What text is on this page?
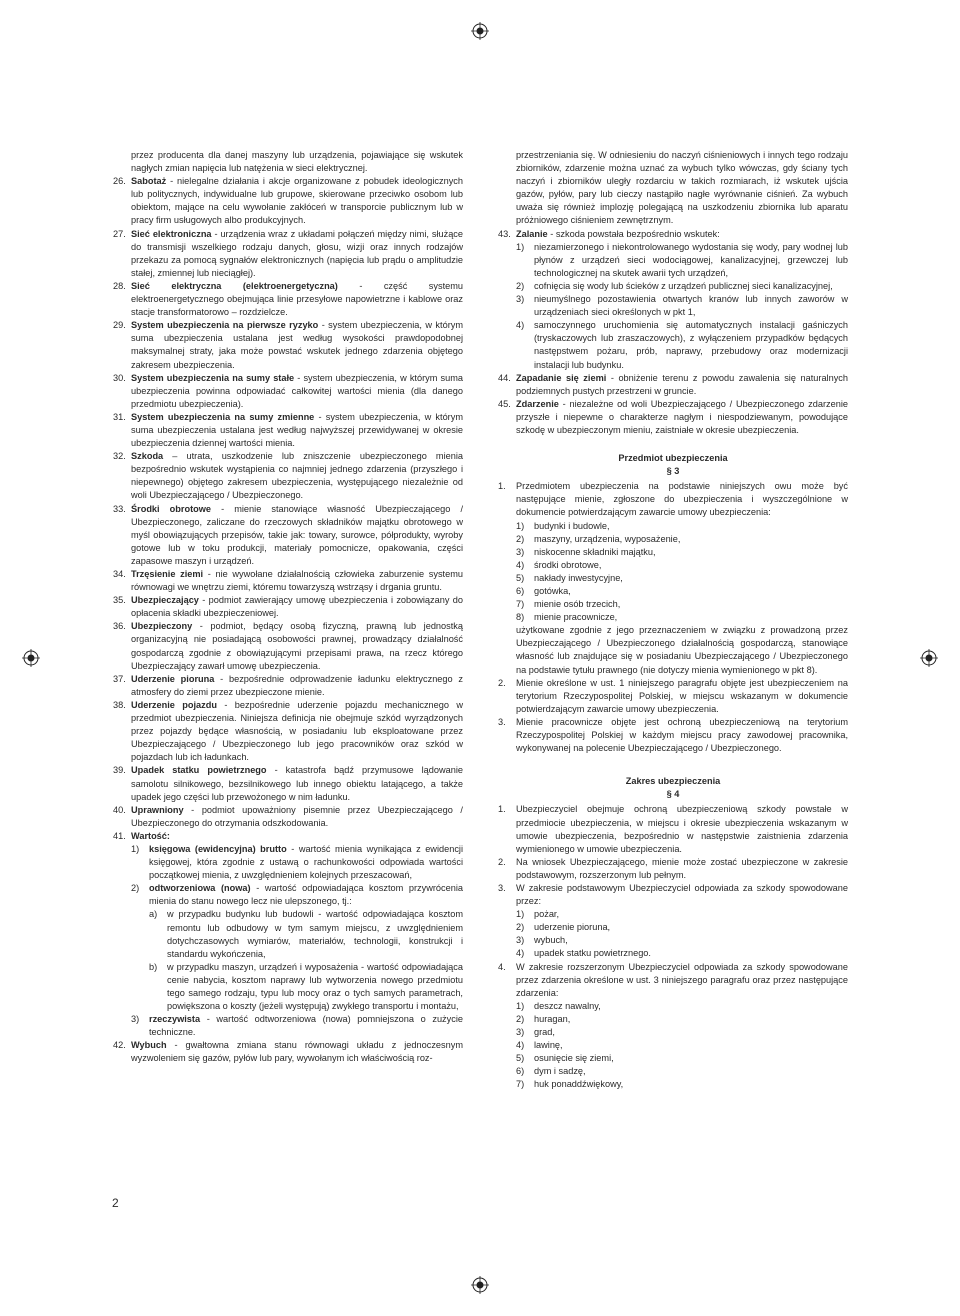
przez producenta dla danej maszyny lub urządzenia, pojawiające się wskutek nagłych zmian napięcia lub natężenia w sieci elektrycznej.
26. Sabotaż - nielegalne działania i akcje organizowane z pobudek ideologicznych lub politycznych, indywidualne lub grupowe, skierowane przeciwko osobom lub obiektom, mające na celu wywołanie zakłóceń w transporcie publicznym lub w pracy firm usługowych albo produkcyjnych.
27. Sieć elektroniczna - urządzenia wraz z układami połączeń między nimi, służące do transmisji wszelkiego rodzaju danych, głosu, wizji oraz innych rodzajów przekazu za pomocą sygnałów elektronicznych (napięcia lub prądu o amplitudzie stałej, zmiennej lub nieciągłej).
28. Sieć elektryczna (elektroenergetyczna) - część systemu elektroenergetycznego obejmująca linie przesyłowe napowietrzne i kablowe oraz stacje transformatorowo – rozdzielcze.
29. System ubezpieczenia na pierwsze ryzyko - system ubezpieczenia, w którym suma ubezpieczenia ustalana jest według wysokości prawdopodobnej maksymalnej straty, jaka może powstać wskutek jednego zdarzenia objętego zakresem ubezpieczenia.
30. System ubezpieczenia na sumy stałe - system ubezpieczenia, w którym suma ubezpieczenia powinna odpowiadać całkowitej wartości mienia (dla danego przedmiotu ubezpieczenia).
31. System ubezpieczenia na sumy zmienne - system ubezpieczenia, w którym suma ubezpieczenia ustalana jest według najwyższej przewidywanej w okresie ubezpieczenia dziennej wartości mienia.
32. Szkoda – utrata, uszkodzenie lub zniszczenie ubezpieczonego mienia bezpośrednio wskutek wystąpienia co najmniej jednego zdarzenia (przyszłego i niepewnego) objętego zakresem ubezpieczenia, występującego niezależnie od woli Ubezpieczającego / Ubezpieczonego.
33. Środki obrotowe - mienie stanowiące własność Ubezpieczającego / Ubezpieczonego, zaliczane do rzeczowych składników majątku obrotowego w myśl obowiązujących przepisów, takie jak: towary, surowce, półprodukty, wyroby gotowe lub w toku produkcji, materiały pomocnicze, opakowania, części zapasowe maszyn i urządzeń.
34. Trzęsienie ziemi - nie wywołane działalnością człowieka zaburzenie systemu równowagi we wnętrzu ziemi, któremu towarzyszą wstrząsy i drgania gruntu.
35. Ubezpieczający - podmiot zawierający umowę ubezpieczenia i zobowiązany do opłacenia składki ubezpieczeniowej.
36. Ubezpieczony - podmiot, będący osobą fizyczną, prawną lub jednostką organizacyjną nie posiadającą osobowości prawnej, prowadzący działalność gospodarczą zgodnie z obowiązującymi przepisami prawa, na rzecz którego Ubezpieczający zawarł umowę ubezpieczenia.
37. Uderzenie pioruna - bezpośrednie odprowadzenie ładunku elektrycznego z atmosfery do ziemi przez ubezpieczone mienie.
38. Uderzenie pojazdu - bezpośrednie uderzenie pojazdu mechanicznego w przedmiot ubezpieczenia. Niniejsza definicja nie obejmuje szkód wyrządzonych przez pojazdy będące własnością, w posiadaniu lub eksploatowane przez Ubezpieczającego / Ubezpieczonego lub jego pracowników oraz szkód w pojazdach lub ich ładunkach.
39. Upadek statku powietrznego - katastrofa bądź przymusowe lądowanie samolotu silnikowego, bezsilnikowego lub innego obiektu latającego, a także upadek jego części lub przewożonego w nim ładunku.
40. Uprawniony - podmiot upoważniony pisemnie przez Ubezpieczającego / Ubezpieczonego do otrzymania odszkodowania.
41. Wartość:
1) księgowa (ewidencyjna) brutto - wartość mienia wynikająca z ewidencji księgowej, która zgodnie z ustawą o rachunkowości odpowiada wartości początkowej mienia, z uwzględnieniem kolejnych przeszacowań,
2) odtworzeniowa (nowa) - wartość odpowiadająca kosztom przywrócenia mienia do stanu nowego lecz nie ulepszonego, tj.:
a) w przypadku budynku lub budowli - wartość odpowiadająca kosztom remontu lub odbudowy w tym samym miejscu, z uwzględnieniem dotychczasowych wymiarów, materiałów, technologii, konstrukcji i standardu wykończenia,
b) w przypadku maszyn, urządzeń i wyposażenia - wartość odpowiadająca cenie nabycia, kosztom naprawy lub wytworzenia nowego przedmiotu tego samego rodzaju, typu lub mocy oraz o tych samych parametrach, powiększona o koszty (jeżeli występują) zwykłego transportu i montażu,
3) rzeczywista - wartość odtworzeniowa (nowa) pomniejszona o zużycie techniczne.
42. Wybuch - gwałtowna zmiana stanu równowagi układu z jednoczesnym wyzwoleniem się gazów, pyłów lub pary, wywołanym ich właściwością roz-
przestrzeniania się. W odniesieniu do naczyń ciśnieniowych i innych tego rodzaju zbiorników, zdarzenie można uznać za wybuch tylko wówczas, gdy ściany tych naczyń i zbiorników uległy rozdarciu w takich rozmiarach, iż wskutek ujścia gazów, pyłów, pary lub cieczy nastąpiło nagłe wyrównanie ciśnień. Za wybuch uważa się również implozję polegającą na uszkodzeniu zbiornika lub aparatu próżniowego ciśnieniem zewnętrznym.
43. Zalanie - szkoda powstała bezpośrednio wskutek:
1) niezamierzonego i niekontrolowanego wydostania się wody, pary wodnej lub płynów z urządzeń sieci wodociągowej, kanalizacyjnej, grzewczej lub technologicznej na skutek awarii tych urządzeń,
2) cofnięcia się wody lub ścieków z urządzeń publicznej sieci kanalizacyjnej,
3) nieumyślnego pozostawienia otwartych kranów lub innych zaworów w urządzeniach sieci określonych w pkt 1,
4) samoczynnego uruchomienia się automatycznych instalacji gaśniczych (tryskaczowych lub zraszaczowych), z wyłączeniem przypadków będących następstwem pożaru, prób, naprawy, przebudowy oraz modernizacji instalacji lub budynku.
44. Zapadanie się ziemi - obniżenie terenu z powodu zawalenia się naturalnych podziemnych pustych przestrzeni w gruncie.
45. Zdarzenie - niezależne od woli Ubezpieczającego / Ubezpieczonego zdarzenie przyszłe i niepewne o charakterze nagłym i niespodziewanym, powodujące szkodę w ubezpieczonym mieniu, zaistniałe w okresie ubezpieczenia.
Przedmiot ubezpieczenia
§ 3
1. Przedmiotem ubezpieczenia na podstawie niniejszych owu może być następujące mienie, zgłoszone do ubezpieczenia i wyszczególnione w dokumencie potwierdzającym zawarcie umowy ubezpieczenia:
1) budynki i budowle,
2) maszyny, urządzenia, wyposażenie,
3) niskocenne składniki majątku,
4) środki obrotowe,
5) nakłady inwestycyjne,
6) gotówka,
7) mienie osób trzecich,
8) mienie pracownicze,
użytkowane zgodnie z jego przeznaczeniem w związku z prowadzoną przez Ubezpieczającego / Ubezpieczonego działalnością gospodarczą, stanowiące własność lub znajdujące się w posiadaniu Ubezpieczającego / Ubezpieczonego na podstawie tytułu prawnego (nie dotyczy mienia wymienionego w pkt 8).
2. Mienie określone w ust. 1 niniejszego paragrafu objęte jest ubezpieczeniem na terytorium Rzeczypospolitej Polskiej, w miejscu wskazanym w dokumencie potwierdzającym zawarcie umowy ubezpieczenia.
3. Mienie pracownicze objęte jest ochroną ubezpieczeniową na terytorium Rzeczypospolitej Polskiej w każdym miejscu pracy zawodowej pracownika, wykonywanej na polecenie Ubezpieczającego / Ubezpieczonego.
Zakres ubezpieczenia
§ 4
1. Ubezpieczyciel obejmuje ochroną ubezpieczeniową szkody powstałe w przedmiocie ubezpieczenia, w miejscu i okresie ubezpieczenia wskazanym w umowie ubezpieczenia, bezpośrednio w następstwie zaistnienia zdarzenia wymienionego w umowie ubezpieczenia.
2. Na wniosek Ubezpieczającego, mienie może zostać ubezpieczone w zakresie podstawowym, rozszerzonym lub pełnym.
3. W zakresie podstawowym Ubezpieczyciel odpowiada za szkody spowodowane przez:
1) pożar,
2) uderzenie pioruna,
3) wybuch,
4) upadek statku powietrznego.
4. W zakresie rozszerzonym Ubezpieczyciel odpowiada za szkody spowodowane przez zdarzenia określone w ust. 3 niniejszego paragrafu oraz przez następujące zdarzenia:
1) deszcz nawalny,
2) huragan,
3) grad,
4) lawinę,
5) osunięcie się ziemi,
6) dym i sadzę,
7) huk ponaddźwiękowy,
2
